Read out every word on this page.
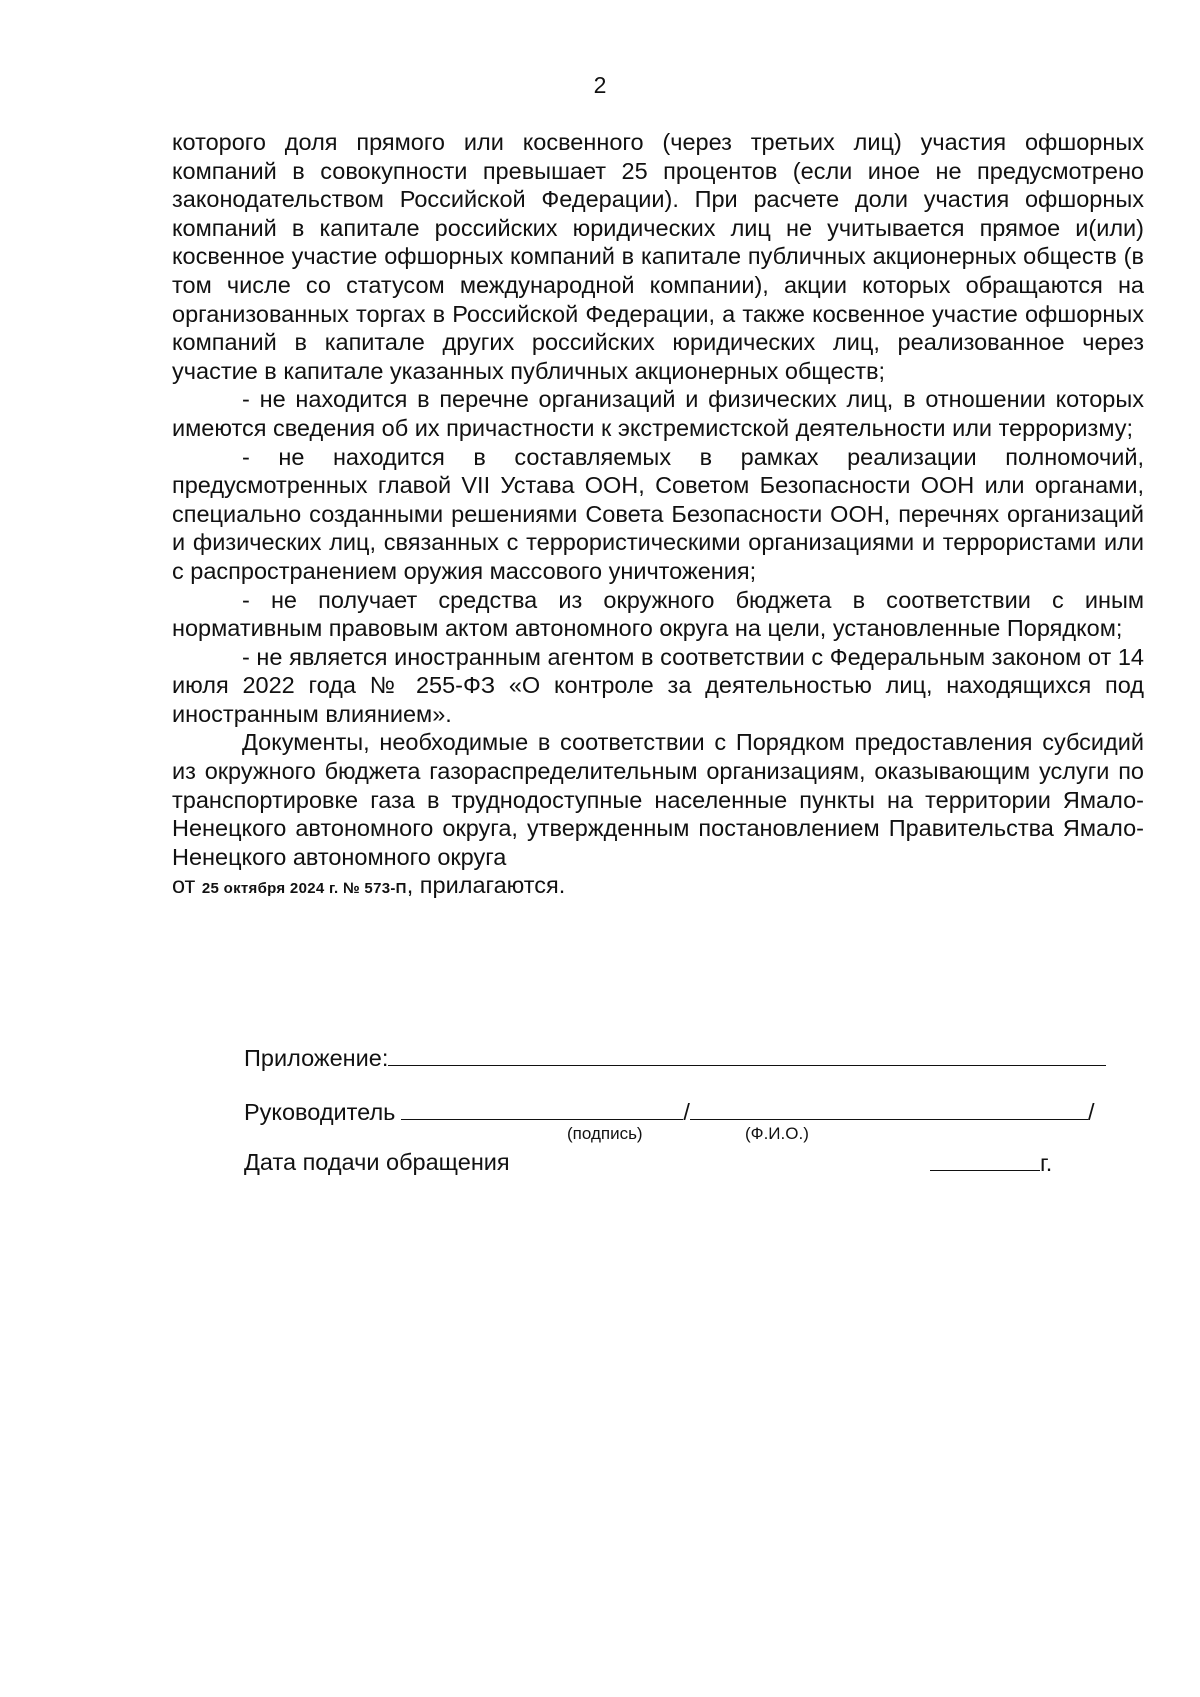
2

которого доля прямого или косвенного (через третьих лиц) участия офшорных компаний в совокупности превышает 25 процентов (если иное не предусмотрено законодательством Российской Федерации). При расчете доли участия офшорных компаний в капитале российских юридических лиц не учитывается прямое и(или) косвенное участие офшорных компаний в капитале публичных акционерных обществ (в том числе со статусом международной компании), акции которых обращаются на организованных торгах в Российской Федерации, а также косвенное участие офшорных компаний в капитале других российских юридических лиц, реализованное через участие в капитале указанных публичных акционерных обществ;

- не находится в перечне организаций и физических лиц, в отношении которых имеются сведения об их причастности к экстремистской деятельности или терроризму;

- не находится в составляемых в рамках реализации полномочий, предусмотренных главой VII Устава ООН, Советом Безопасности ООН или органами, специально созданными решениями Совета Безопасности ООН, перечнях организаций и физических лиц, связанных с террористическими организациями и террористами или с распространением оружия массового уничтожения;

- не получает средства из окружного бюджета в соответствии с иным нормативным правовым актом автономного округа на цели, установленные Порядком;

- не является иностранным агентом в соответствии с Федеральным законом от 14 июля 2022 года № 255-ФЗ «О контроле за деятельностью лиц, находящихся под иностранным влиянием».

Документы, необходимые в соответствии с Порядком предоставления субсидий из окружного бюджета газораспределительным организациям, оказывающим услуги по транспортировке газа в труднодоступные населенные пункты на территории Ямало-Ненецкого автономного округа, утвержденным постановлением Правительства Ямало-Ненецкого автономного округа

от 25 октября 2024 г. № 573-П, прилагаются.

Приложение:
Руководитель	/	/
(подпись)	(Ф.И.О.)
Дата подачи обращения	г.
